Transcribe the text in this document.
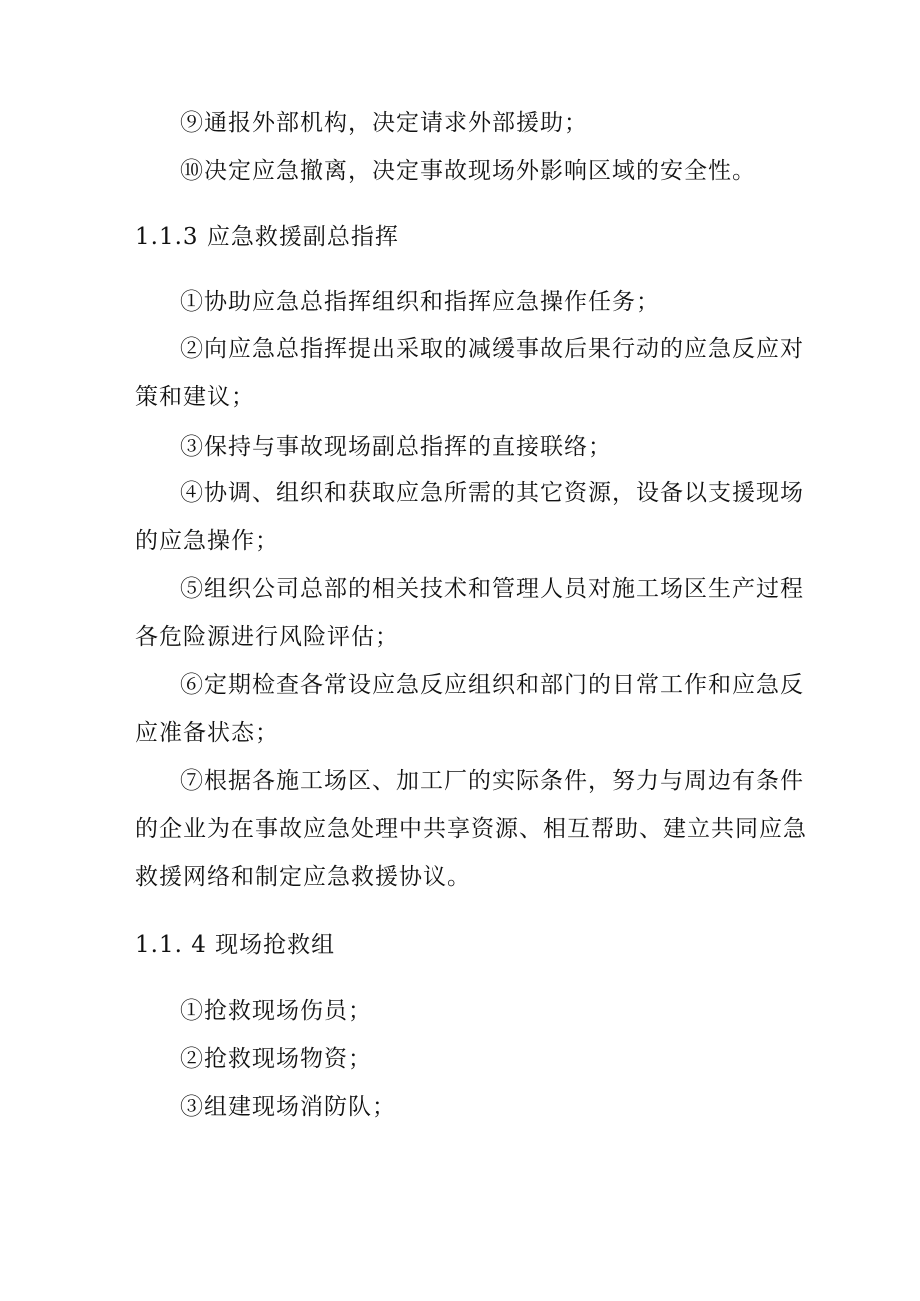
⑨通报外部机构，决定请求外部援助；
⑩决定应急撤离，决定事故现场外影响区域的安全性。
1.1.3 应急救援副总指挥
①协助应急总指挥组织和指挥应急操作任务；
②向应急总指挥提出采取的减缓事故后果行动的应急反应对
策和建议；
③保持与事故现场副总指挥的直接联络；
④协调、组织和获取应急所需的其它资源，设备以支援现场
的应急操作；
⑤组织公司总部的相关技术和管理人员对施工场区生产过程
各危险源进行风险评估；
⑥定期检查各常设应急反应组织和部门的日常工作和应急反
应准备状态；
⑦根据各施工场区、加工厂的实际条件，努力与周边有条件
的企业为在事故应急处理中共享资源、相互帮助、建立共同应急
救援网络和制定应急救援协议。
1.1. 4 现场抢救组
①抢救现场伤员；
②抢救现场物资；
③组建现场消防队；
